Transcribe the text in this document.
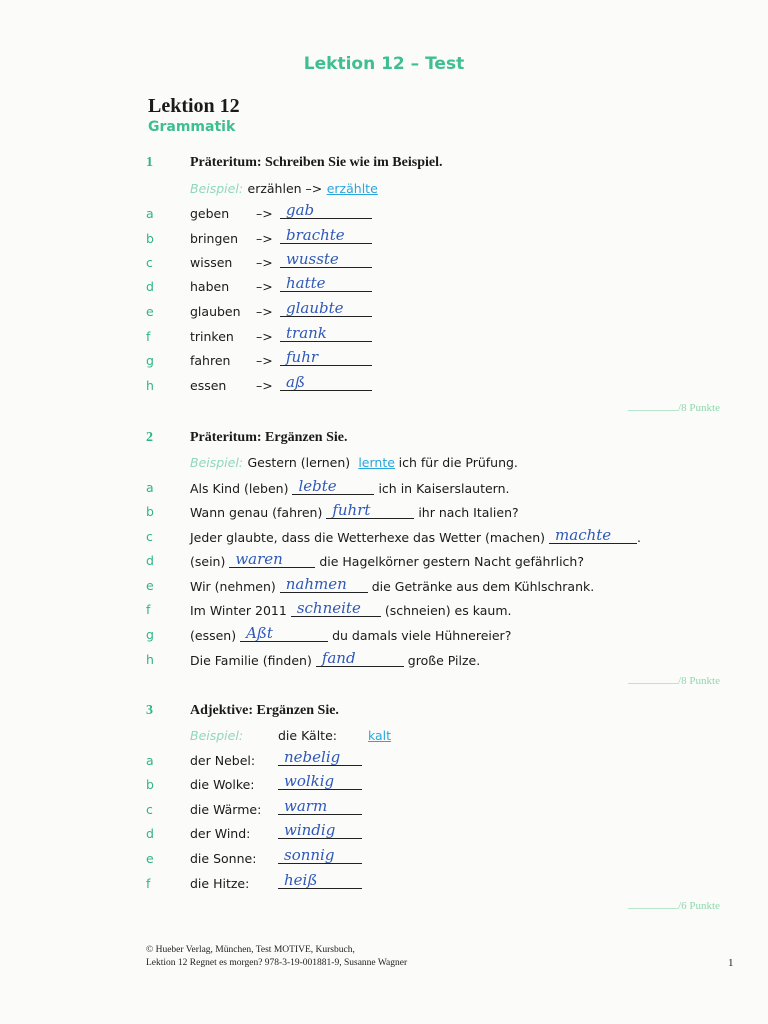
Lektion 12 – Test
Lektion 12
Grammatik
1	Präteritum: Schreiben Sie wie im Beispiel.
Beispiel: erzählen –> erzählte
a	geben –> gab
b	bringen –> brachte
c	wissen –> wusste
d	haben –> hatte
e	glauben –> glaubte
f	trinken –> trank
g	fahren –> fuhr
h	essen –> aß
/8 Punkte
2	Präteritum: Ergänzen Sie.
Beispiel: Gestern (lernen) lernte ich für die Prüfung.
a	Als Kind (leben) lebte	ich in Kaiserslautern.
b	Wann genau (fahren) fuhrt	ihr nach Italien?
c	Jeder glaubte, dass die Wetterhexe das Wetter (machen) machte .
d	(sein) waren	die Hagelkörner gestern Nacht gefährlich?
e	Wir (nehmen) nahmen die Getränke aus dem Kühlschrank.
f	Im Winter 2011 schneite (schneien) es kaum.
g	(essen) Aßt	du damals viele Hühnereier?
h	Die Familie (finden) fand	große Pilze.
/8 Punkte
3	Adjektive: Ergänzen Sie.
Beispiel:	die Kälte: kalt
a	der Nebel: nebelig
b	die Wolke: wolkig
c	die Wärme: warm
d	der Wind: windig
e	die Sonne: sonnig
f	die Hitze: heiß
/6 Punkte
© Hueber Verlag, München, Test MOTIVE, Kursbuch,
Lektion 12 Regnet es morgen? 978-3-19-001881-9, Susanne Wagner	1
